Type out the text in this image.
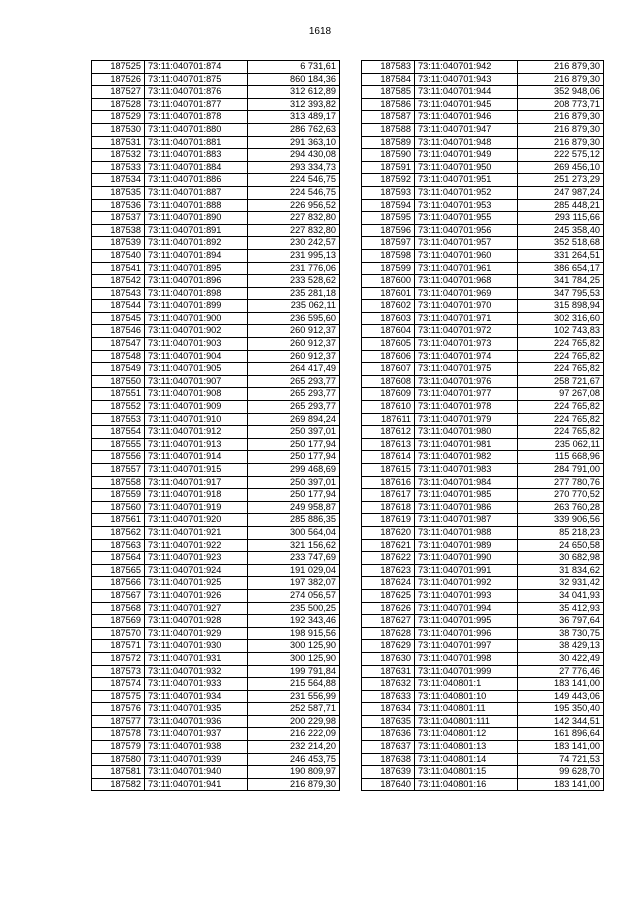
1618
187525	73:11:040701:874	6 731,61
187526	73:11:040701:875	860 184,36
187527	73:11:040701:876	312 612,89
187528	73:11:040701:877	312 393,82
187529	73:11:040701:878	313 489,17
187530	73:11:040701:880	286 762,63
187531	73:11:040701:881	291 363,10
187532	73:11:040701:883	294 430,08
187533	73:11:040701:884	293 334,73
187534	73:11:040701:886	224 546,75
187535	73:11:040701:887	224 546,75
187536	73:11:040701:888	226 956,52
187537	73:11:040701:890	227 832,80
187538	73:11:040701:891	227 832,80
187539	73:11:040701:892	230 242,57
187540	73:11:040701:894	231 995,13
187541	73:11:040701:895	231 776,06
187542	73:11:040701:896	233 528,62
187543	73:11:040701:898	235 281,18
187544	73:11:040701:899	235 062,11
187545	73:11:040701:900	236 595,60
187546	73:11:040701:902	260 912,37
187547	73:11:040701:903	260 912,37
187548	73:11:040701:904	260 912,37
187549	73:11:040701:905	264 417,49
187550	73:11:040701:907	265 293,77
187551	73:11:040701:908	265 293,77
187552	73:11:040701:909	265 293,77
187553	73:11:040701:910	269 894,24
187554	73:11:040701:912	250 397,01
187555	73:11:040701:913	250 177,94
187556	73:11:040701:914	250 177,94
187557	73:11:040701:915	299 468,69
187558	73:11:040701:917	250 397,01
187559	73:11:040701:918	250 177,94
187560	73:11:040701:919	249 958,87
187561	73:11:040701:920	285 886,35
187562	73:11:040701:921	300 564,04
187563	73:11:040701:922	321 156,62
187564	73:11:040701:923	233 747,69
187565	73:11:040701:924	191 029,04
187566	73:11:040701:925	197 382,07
187567	73:11:040701:926	274 056,57
187568	73:11:040701:927	235 500,25
187569	73:11:040701:928	192 343,46
187570	73:11:040701:929	198 915,56
187571	73:11:040701:930	300 125,90
187572	73:11:040701:931	300 125,90
187573	73:11:040701:932	199 791,84
187574	73:11:040701:933	215 564,88
187575	73:11:040701:934	231 556,99
187576	73:11:040701:935	252 587,71
187577	73:11:040701:936	200 229,98
187578	73:11:040701:937	216 222,09
187579	73:11:040701:938	232 214,20
187580	73:11:040701:939	246 453,75
187581	73:11:040701:940	190 809,97
187582	73:11:040701:941	216 879,30
187583	73:11:040701:942	216 879,30
187584	73:11:040701:943	216 879,30
187585	73:11:040701:944	352 948,06
187586	73:11:040701:945	208 773,71
187587	73:11:040701:946	216 879,30
187588	73:11:040701:947	216 879,30
187589	73:11:040701:948	216 879,30
187590	73:11:040701:949	222 575,12
187591	73:11:040701:950	269 456,10
187592	73:11:040701:951	251 273,29
187593	73:11:040701:952	247 987,24
187594	73:11:040701:953	285 448,21
187595	73:11:040701:955	293 115,66
187596	73:11:040701:956	245 358,40
187597	73:11:040701:957	352 518,68
187598	73:11:040701:960	331 264,51
187599	73:11:040701:961	386 654,17
187600	73:11:040701:968	341 784,25
187601	73:11:040701:969	347 795,53
187602	73:11:040701:970	315 898,94
187603	73:11:040701:971	302 316,60
187604	73:11:040701:972	102 743,83
187605	73:11:040701:973	224 765,82
187606	73:11:040701:974	224 765,82
187607	73:11:040701:975	224 765,82
187608	73:11:040701:976	258 721,67
187609	73:11:040701:977	97 267,08
187610	73:11:040701:978	224 765,82
187611	73:11:040701:979	224 765,82
187612	73:11:040701:980	224 765,82
187613	73:11:040701:981	235 062,11
187614	73:11:040701:982	115 668,96
187615	73:11:040701:983	284 791,00
187616	73:11:040701:984	277 780,76
187617	73:11:040701:985	270 770,52
187618	73:11:040701:986	263 760,28
187619	73:11:040701:987	339 906,56
187620	73:11:040701:988	85 218,23
187621	73:11:040701:989	24 650,58
187622	73:11:040701:990	30 682,98
187623	73:11:040701:991	31 834,62
187624	73:11:040701:992	32 931,42
187625	73:11:040701:993	34 041,93
187626	73:11:040701:994	35 412,93
187627	73:11:040701:995	36 797,64
187628	73:11:040701:996	38 730,75
187629	73:11:040701:997	38 429,13
187630	73:11:040701:998	30 422,49
187631	73:11:040701:999	27 776,46
187632	73:11:040801:1	183 141,00
187633	73:11:040801:10	149 443,06
187634	73:11:040801:11	195 350,40
187635	73:11:040801:111	142 344,51
187636	73:11:040801:12	161 896,64
187637	73:11:040801:13	183 141,00
187638	73:11:040801:14	74 721,53
187639	73:11:040801:15	99 628,70
187640	73:11:040801:16	183 141,00
